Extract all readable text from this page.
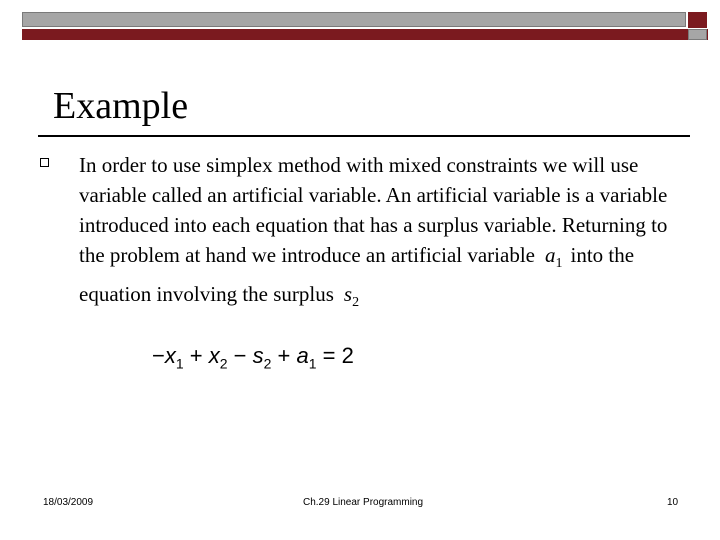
Example
In order to use simplex method with mixed constraints we will use variable called an artificial variable. An artificial variable is a variable introduced into each equation that has a surplus variable. Returning to the problem at hand we introduce an artificial variable $a_1$ into the equation involving the surplus $s_2$
$-x_1 + x_2 - s_2 + a_1 = 2$
18/03/2009	Ch.29 Linear Programming	10
